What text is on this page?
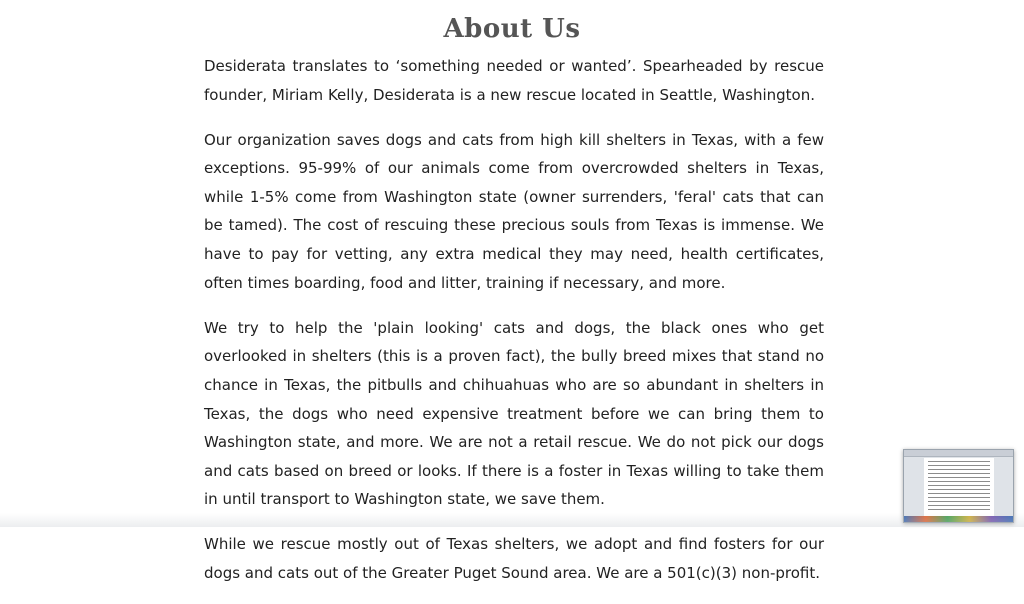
About Us

Desiderata translates to ‘something needed or wanted’. Spearheaded by rescue founder, Miriam Kelly, Desiderata is a new rescue located in Seattle, Washington.

Our organization saves dogs and cats from high kill shelters in Texas, with a few exceptions. 95-99% of our animals come from overcrowded shelters in Texas, while 1-5% come from Washington state (owner surrenders, 'feral' cats that can be tamed). The cost of rescuing these precious souls from Texas is immense. We have to pay for vetting, any extra medical they may need, health certificates, often times boarding, food and litter, training if necessary, and more.

We try to help the 'plain looking' cats and dogs, the black ones who get overlooked in shelters (this is a proven fact), the bully breed mixes that stand no chance in Texas, the pitbulls and chihuahuas who are so abundant in shelters in Texas, the dogs who need expensive treatment before we can bring them to Washington state, and more. We are not a retail rescue. We do not pick our dogs and cats based on breed or looks. If there is a foster in Texas willing to take them in until transport to Washington state, we save them.

While we rescue mostly out of Texas shelters, we adopt and find fosters for our dogs and cats out of the Greater Puget Sound area. We are a 501(c)(3) non-profit.
